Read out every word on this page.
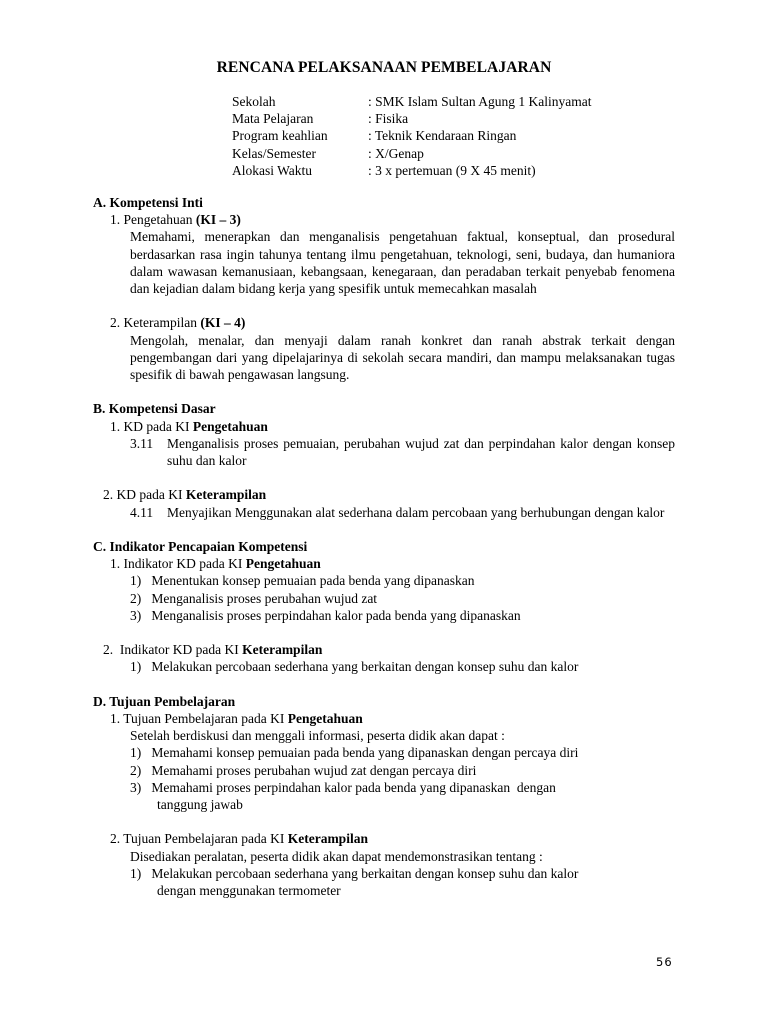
RENCANA PELAKSANAAN PEMBELAJARAN
Sekolah	: SMK Islam Sultan Agung 1 Kalinyamat
Mata Pelajaran	: Fisika
Program keahlian	: Teknik Kendaraan Ringan
Kelas/Semester	: X/Genap
Alokasi Waktu	: 3 x pertemuan (9 X 45 menit)
A. Kompetensi Inti
1. Pengetahuan (KI – 3)
Memahami, menerapkan dan menganalisis pengetahuan faktual, konseptual, dan prosedural berdasarkan rasa ingin tahunya tentang ilmu pengetahuan, teknologi, seni, budaya, dan humaniora dalam wawasan kemanusiaan, kebangsaan, kenegaraan, dan peradaban terkait penyebab fenomena dan kejadian dalam bidang kerja yang spesifik untuk memecahkan masalah
2. Keterampilan (KI – 4)
Mengolah, menalar, dan menyaji dalam ranah konkret dan ranah abstrak terkait dengan pengembangan dari yang dipelajarinya di sekolah secara mandiri, dan mampu melaksanakan tugas spesifik di bawah pengawasan langsung.
B. Kompetensi Dasar
1. KD pada KI Pengetahuan
3.11	Menganalisis proses pemuaian, perubahan wujud zat dan perpindahan kalor dengan konsep suhu dan kalor
2. KD pada KI Keterampilan
4.11	Menyajikan Menggunakan alat sederhana dalam percobaan yang berhubungan dengan kalor
C. Indikator Pencapaian Kompetensi
1. Indikator KD pada KI Pengetahuan
1)   Menentukan konsep pemuaian pada benda yang dipanaskan
2)   Menganalisis proses perubahan wujud zat
3)   Menganalisis proses perpindahan kalor pada benda yang dipanaskan
2.  Indikator KD pada KI Keterampilan
1)   Melakukan percobaan sederhana yang berkaitan dengan konsep suhu dan kalor
D. Tujuan Pembelajaran
1. Tujuan Pembelajaran pada KI Pengetahuan
Setelah berdiskusi dan menggali informasi, peserta didik akan dapat :
1)   Memahami konsep pemuaian pada benda yang dipanaskan dengan percaya diri
2)   Memahami proses perubahan wujud zat dengan percaya diri
3)   Memahami proses perpindahan kalor pada benda yang dipanaskan  dengan
tanggung jawab
2. Tujuan Pembelajaran pada KI Keterampilan
Disediakan peralatan, peserta didik akan dapat mendemonstrasikan tentang :
1)   Melakukan percobaan sederhana yang berkaitan dengan konsep suhu dan kalor
dengan menggunakan termometer
56
